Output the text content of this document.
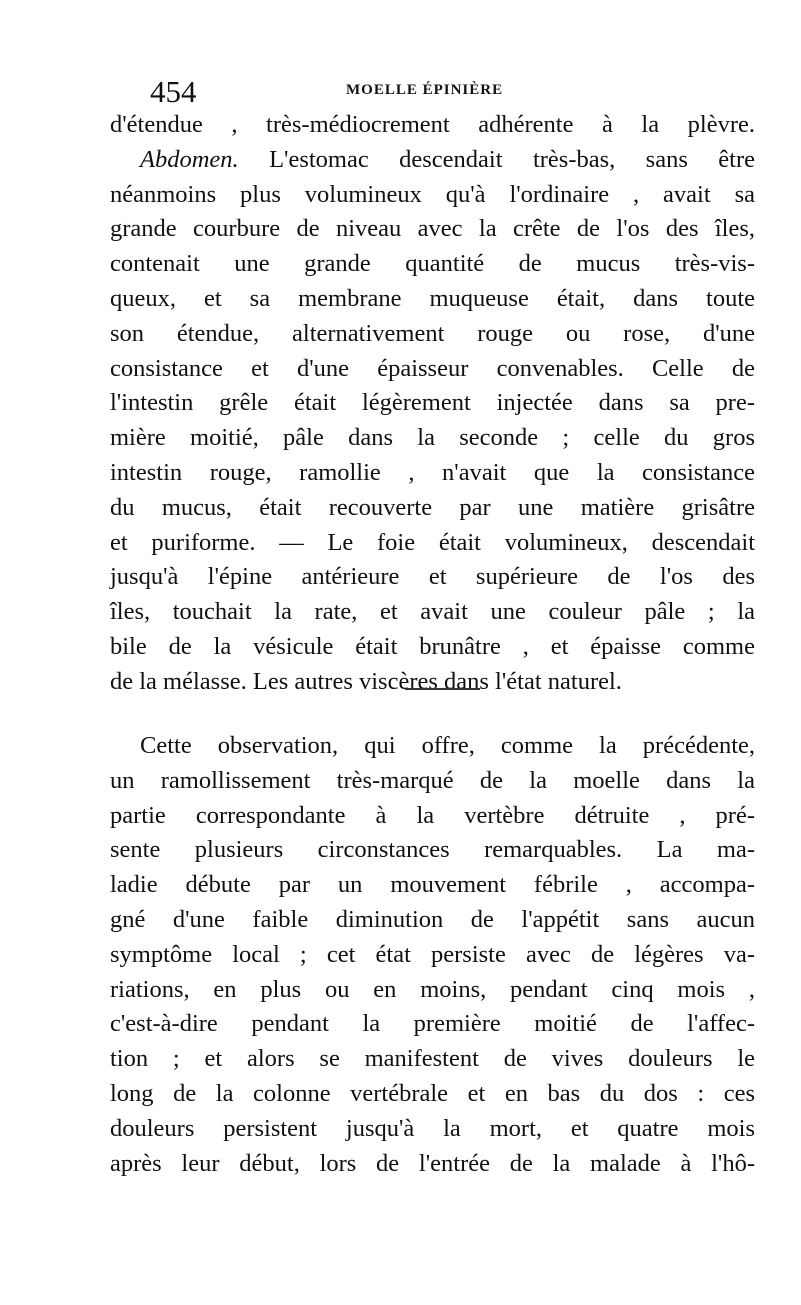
454	MOELLE ÉPINIÈRE
d'étendue , très-médiocrement adhérente à la plèvre.
Abdomen. L'estomac descendait très-bas, sans être
néanmoins plus volumineux qu'à l'ordinaire , avait sa
grande courbure de niveau avec la crête de l'os des îles,
contenait une grande quantité de mucus très-vis-
queux, et sa membrane muqueuse était, dans toute
son étendue, alternativement rouge ou rose, d'une
consistance et d'une épaisseur convenables. Celle de
l'intestin grêle était légèrement injectée dans sa pre-
mière moitié, pâle dans la seconde ; celle du gros
intestin rouge, ramollie , n'avait que la consistance
du mucus, était recouverte par une matière grisâtre
et puriforme. — Le foie était volumineux, descendait
jusqu'à l'épine antérieure et supérieure de l'os des
îles, touchait la rate, et avait une couleur pâle ; la
bile de la vésicule était brunâtre , et épaisse comme
de la mélasse. Les autres viscères dans l'état naturel.
Cette observation, qui offre, comme la précédente,
un ramollissement très-marqué de la moelle dans la
partie correspondante à la vertèbre détruite , pré-
sente plusieurs circonstances remarquables. La ma-
ladie débute par un mouvement fébrile , accompa-
gné d'une faible diminution de l'appétit sans aucun
symptôme local ; cet état persiste avec de légères va-
riations, en plus ou en moins, pendant cinq mois ,
c'est-à-dire pendant la première moitié de l'affec-
tion ; et alors se manifestent de vives douleurs le
long de la colonne vertébrale et en bas du dos : ces
douleurs persistent jusqu'à la mort, et quatre mois
après leur début, lors de l'entrée de la malade à l'hô-
